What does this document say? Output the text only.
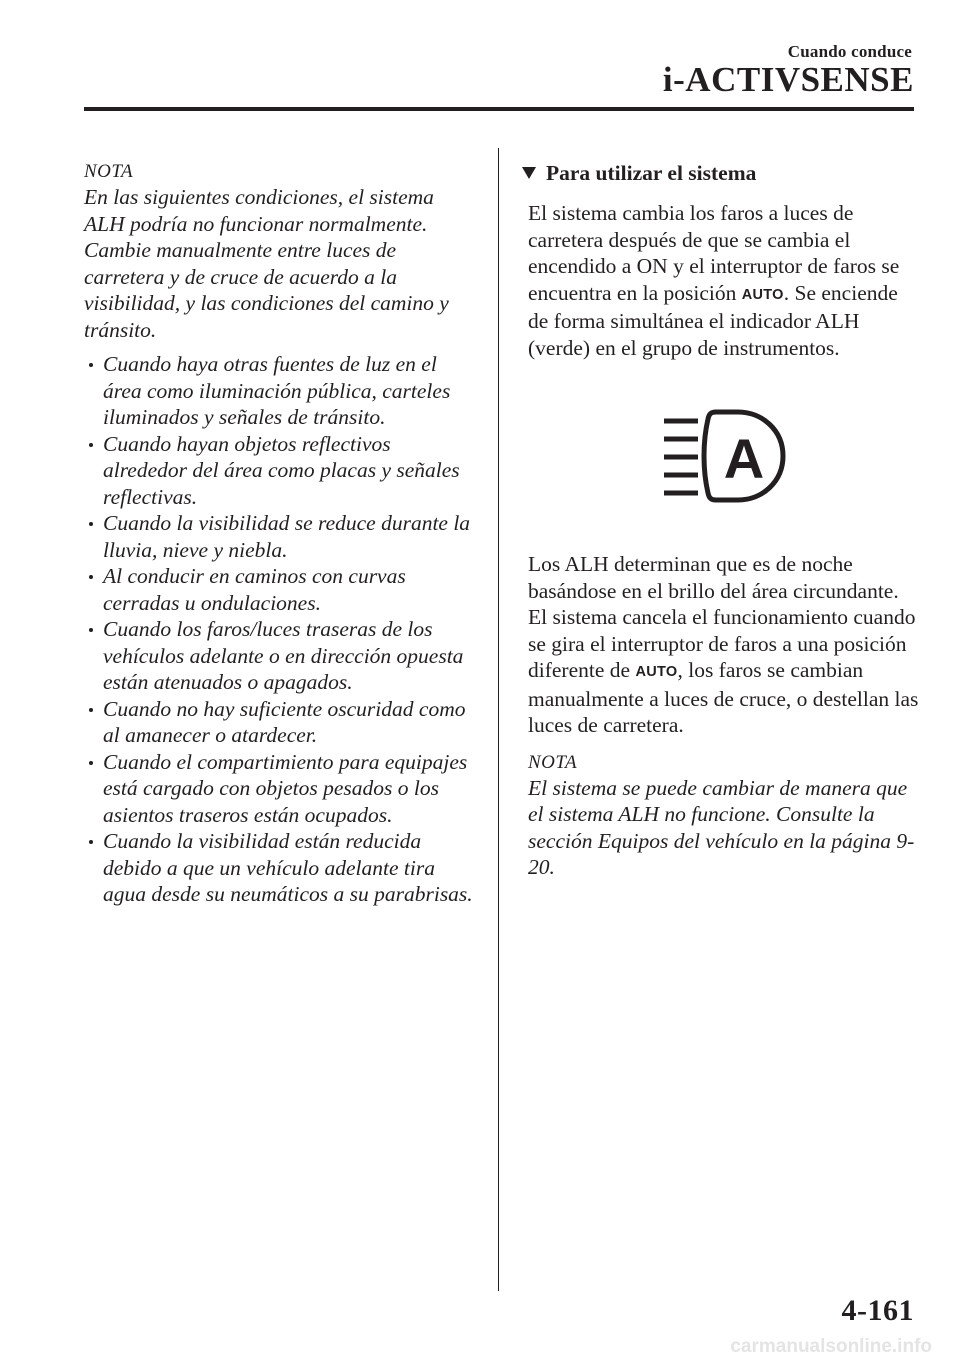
Cuando conduce
i-ACTIVSENSE
NOTA

En las siguientes condiciones, el sistema ALH podría no funcionar normalmente. Cambie manualmente entre luces de carretera y de cruce de acuerdo a la visibilidad, y las condiciones del camino y tránsito.

Cuando haya otras fuentes de luz en el área como iluminación pública, carteles iluminados y señales de tránsito.
Cuando hayan objetos reflectivos alrededor del área como placas y señales reflectivas.
Cuando la visibilidad se reduce durante la lluvia, nieve y niebla.
Al conducir en caminos con curvas cerradas u ondulaciones.
Cuando los faros/luces traseras de los vehículos adelante o en dirección opuesta están atenuados o apagados.
Cuando no hay suficiente oscuridad como al amanecer o atardecer.
Cuando el compartimiento para equipajes está cargado con objetos pesados o los asientos traseros están ocupados.
Cuando la visibilidad están reducida debido a que un vehículo adelante tira agua desde su neumáticos a su parabrisas.
Para utilizar el sistema

El sistema cambia los faros a luces de carretera después de que se cambia el encendido a ON y el interruptor de faros se encuentra en la posición AUTO. Se enciende de forma simultánea el indicador ALH (verde) en el grupo de instrumentos.

A

Los ALH determinan que es de noche basándose en el brillo del área circundante.

El sistema cancela el funcionamiento cuando se gira el interruptor de faros a una posición diferente de AUTO, los faros se cambian manualmente a luces de cruce, o destellan las luces de carretera.

NOTA

El sistema se puede cambiar de manera que el sistema ALH no funcione. Consulte la sección Equipos del vehículo en la página 9-20.

4-161
carmanualsonline.info
